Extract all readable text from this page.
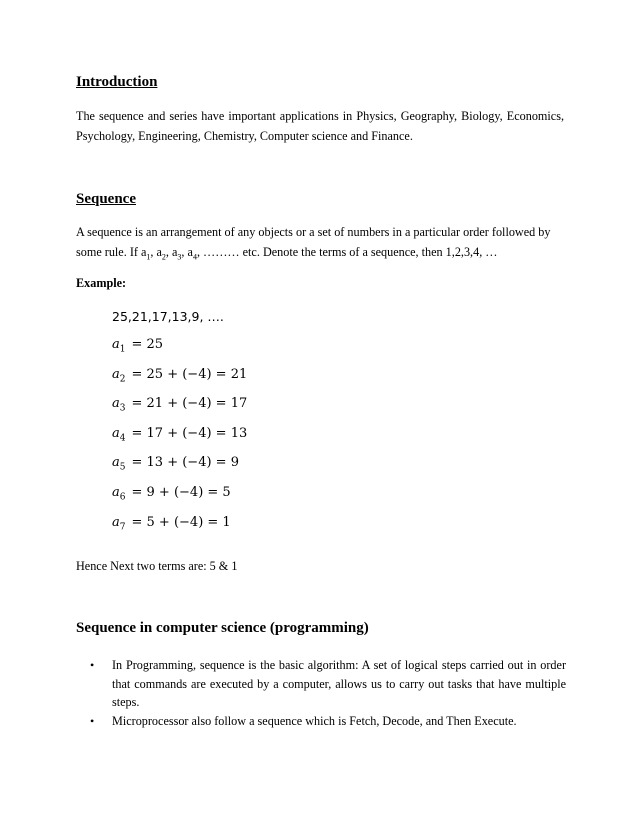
Introduction
The sequence and series have important applications in Physics, Geography, Biology, Economics, Psychology, Engineering, Chemistry, Computer science and Finance.
Sequence
A sequence is an arrangement of any objects or a set of numbers in a particular order followed by
some rule. If $a_1$, $a_2$, $a_3$, $a_4$, ……… etc. Denote the terms of a sequence, then 1,2,3,4, …
Example:
25,21,17,13,9, ….
$a_1 = 25$
$a_2 = 25 + (-4) = 21$
$a_3 = 21 + (-4) = 17$
$a_4 = 17 + (-4) = 13$
$a_5 = 13 + (-4) = 9$
$a_6 = 9 + (-4) = 5$
$a_7 = 5 + (-4) = 1$
Hence Next two terms are: 5 & 1
Sequence in computer science (programming)
• In Programming, sequence is the basic algorithm: A set of logical steps carried out in order that commands are executed by a computer, allows us to carry out tasks that have multiple steps.
• Microprocessor also follow a sequence which is Fetch, Decode, and Then Execute.
